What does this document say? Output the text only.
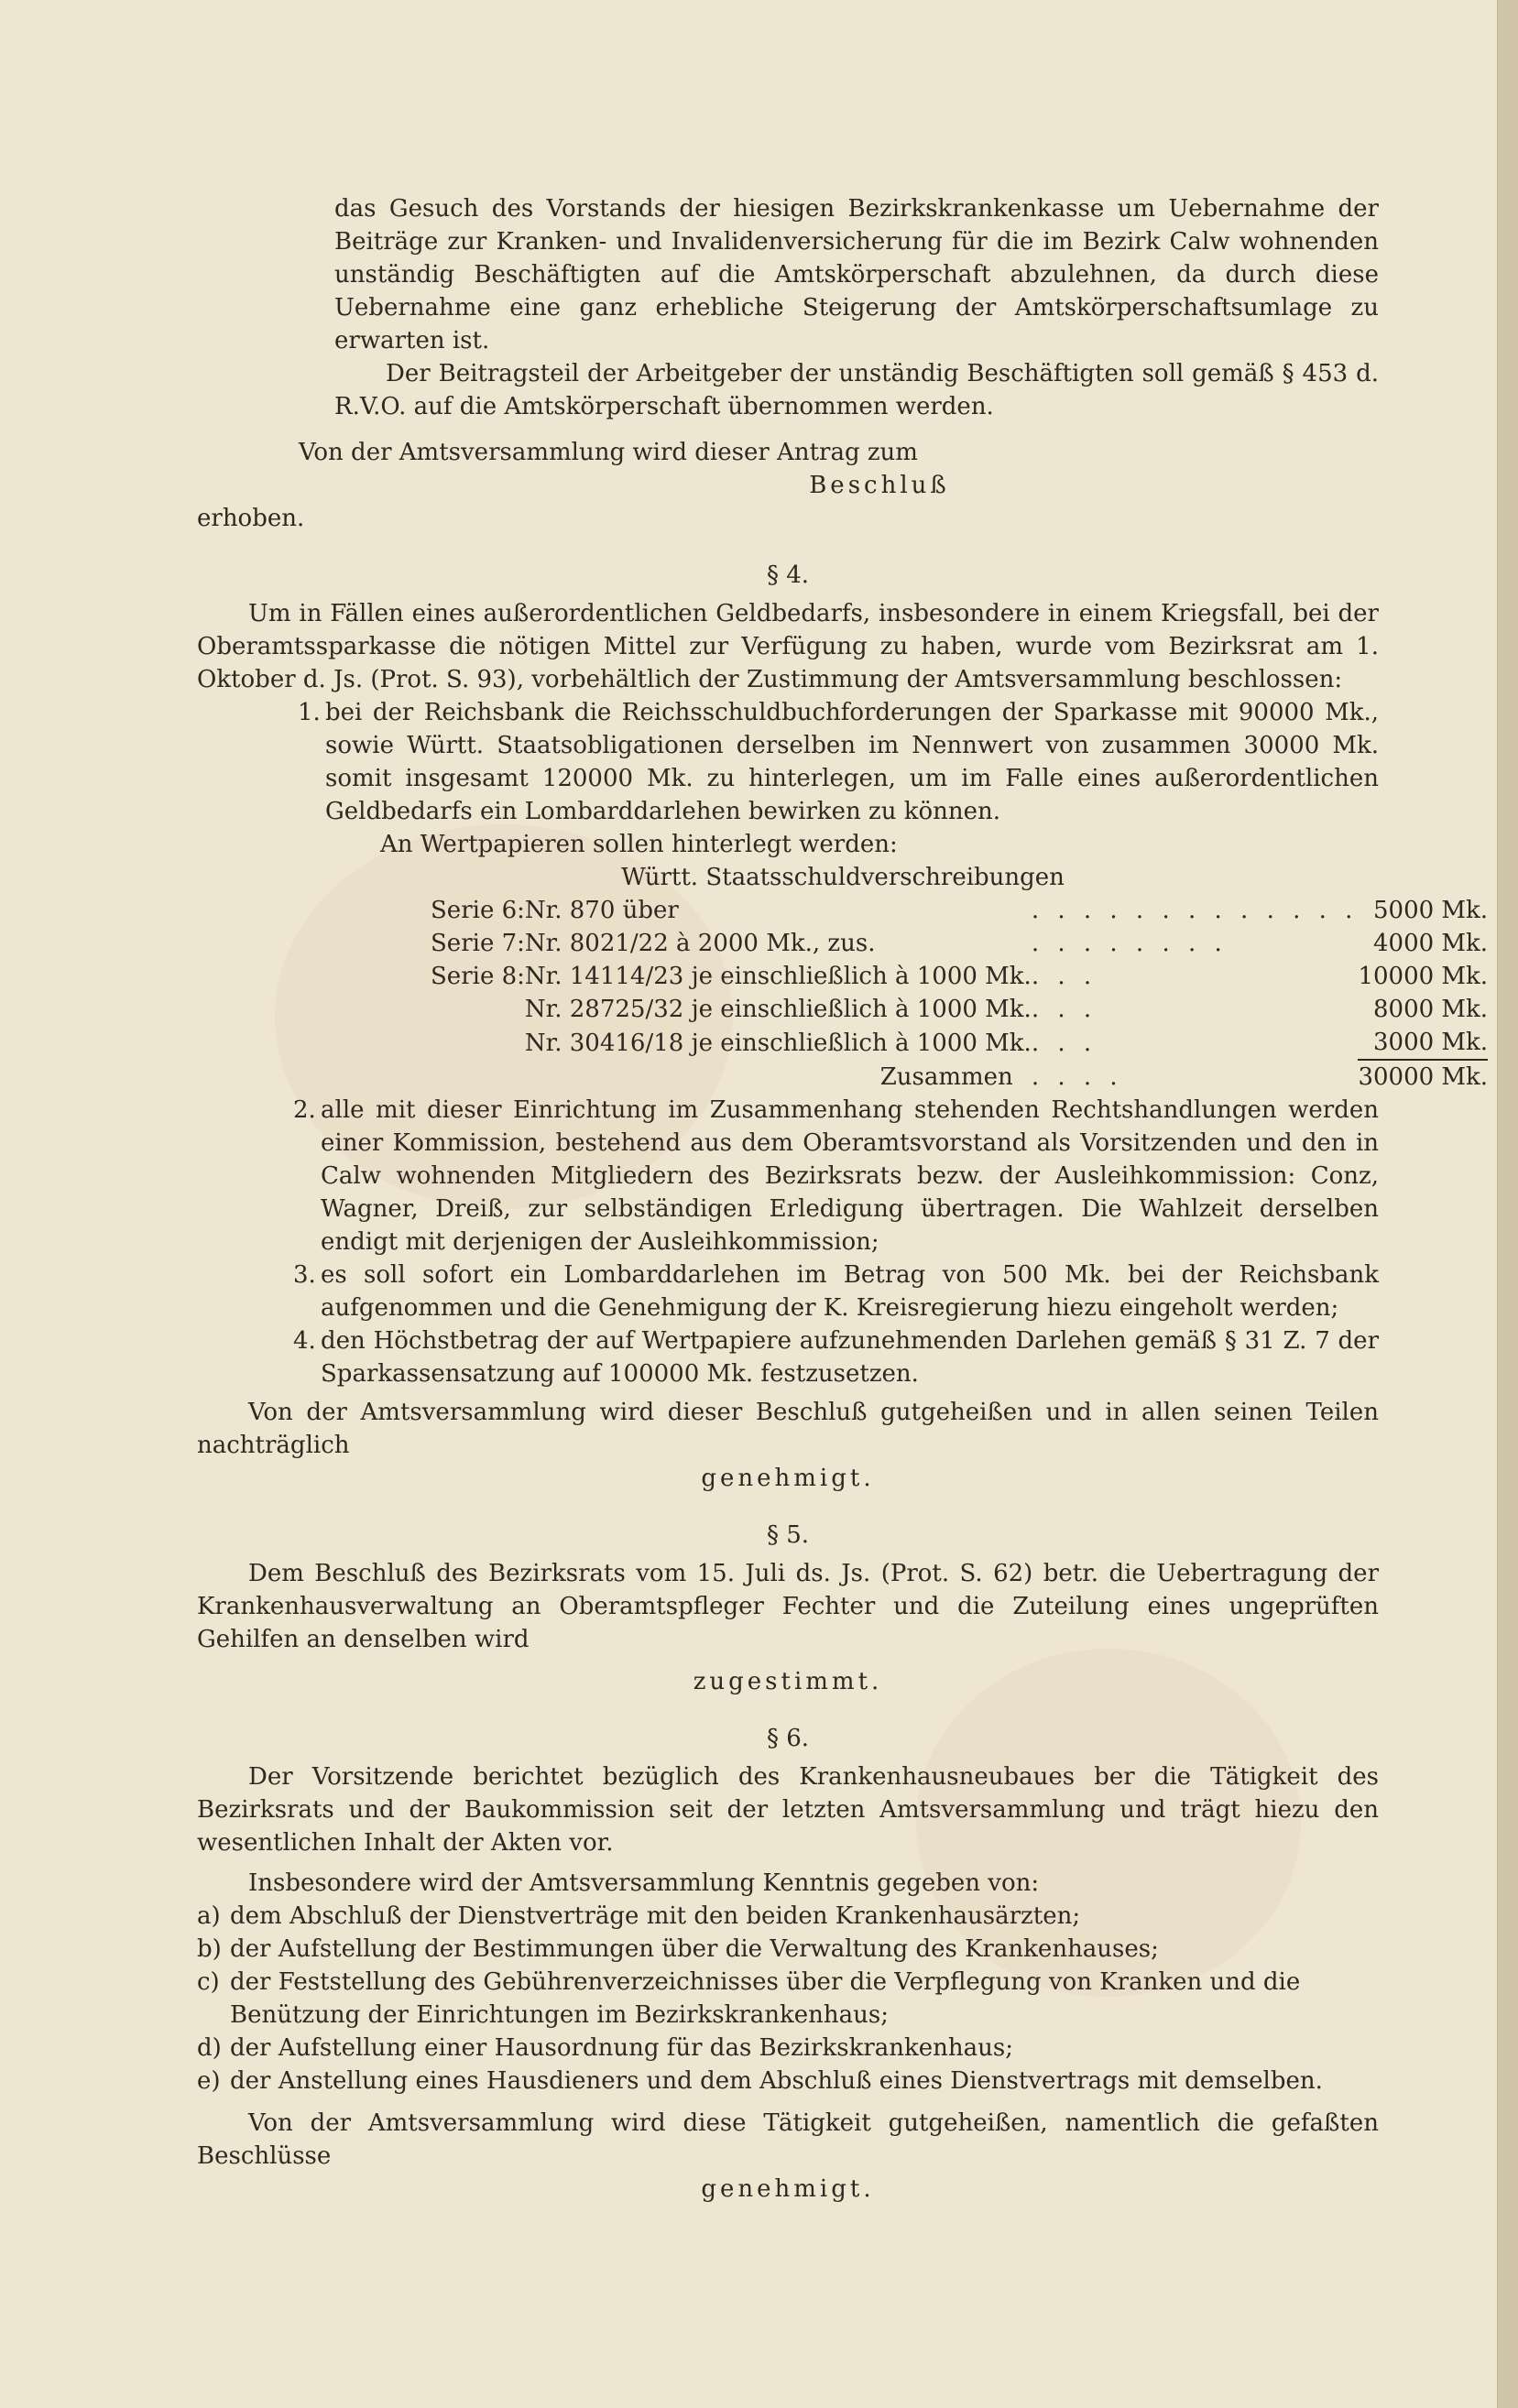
das Gesuch des Vorstands der hiesigen Bezirkskrankenkasse um Uebernahme der Beiträge zur Kranken- und Invalidenversicherung für die im Bezirk Calw wohnenden unständig Beschäftigten auf die Amtskörperschaft abzulehnen, da durch diese Uebernahme eine ganz erhebliche Steigerung der Amtskörperschaftsumlage zu erwarten ist.

Der Beitragsteil der Arbeitgeber der unständig Beschäftigten soll gemäß § 453 d. R.V.O. auf die Amtskörperschaft übernommen werden.

Von der Amtsversammlung wird dieser Antrag zum

Beschluß

erhoben.

§ 4.

Um in Fällen eines außerordentlichen Geldbedarfs, insbesondere in einem Kriegsfall, bei der Oberamtssparkasse die nötigen Mittel zur Verfügung zu haben, wurde vom Bezirksrat am 1. Oktober d. Js. (Prot. S. 93), vorbehältlich der Zustimmung der Amtsversammlung beschlossen:

1. bei der Reichsbank die Reichsschuldbuchforderungen der Sparkasse mit 90000 Mk., sowie Württ. Staatsobligationen derselben im Nennwert von zusammen 30000 Mk. somit insgesamt 120000 Mk. zu hinterlegen, um im Falle eines außerordentlichen Geldbedarfs ein Lombarddarlehen bewirken zu können.

An Wertpapieren sollen hinterlegt werden:

Württ. Staatsschuldverschreibungen

Serie 6:	Nr. 870 über	. . . . . . . . . . . . .	5000 Mk.
Serie 7:	Nr. 8021/22 à 2000 Mk., zus.	. . . . . . . .	4000 Mk.
Serie 8:	Nr. 14114/23 je einschließlich à 1000 Mk.	. . .	10000 Mk.
	Nr. 28725/32 je einschließlich à 1000 Mk.	. . .	8000 Mk.
	Nr. 30416/18 je einschließlich à 1000 Mk.	. . .	3000 Mk.
	Zusammen	. . . .	30000 Mk.
2. alle mit dieser Einrichtung im Zusammenhang stehenden Rechtshandlungen werden einer Kommission, bestehend aus dem Oberamtsvorstand als Vorsitzenden und den in Calw wohnenden Mitgliedern des Bezirksrats bezw. der Ausleihkommission: Conz, Wagner, Dreiß, zur selbständigen Erledigung übertragen. Die Wahlzeit derselben endigt mit derjenigen der Ausleihkommission;
3. es soll sofort ein Lombarddarlehen im Betrag von 500 Mk. bei der Reichsbank aufgenommen und die Genehmigung der K. Kreisregierung hiezu eingeholt werden;
4. den Höchstbetrag der auf Wertpapiere aufzunehmenden Darlehen gemäß § 31 Z. 7 der Sparkassensatzung auf 100000 Mk. festzusetzen.

Von der Amtsversammlung wird dieser Beschluß gutgeheißen und in allen seinen Teilen nachträglich

genehmigt.

§ 5.

Dem Beschluß des Bezirksrats vom 15. Juli ds. Js. (Prot. S. 62) betr. die Uebertragung der Krankenhausverwaltung an Oberamtspfleger Fechter und die Zuteilung eines ungeprüften Gehilfen an denselben wird

zugestimmt.

§ 6.

Der Vorsitzende berichtet bezüglich des Krankenhausneubaues ber die Tätigkeit des Bezirksrats und der Baukommission seit der letzten Amtsversammlung und trägt hiezu den wesentlichen Inhalt der Akten vor.

Insbesondere wird der Amtsversammlung Kenntnis gegeben von:

a) dem Abschluß der Dienstverträge mit den beiden Krankenhausärzten;
b) der Aufstellung der Bestimmungen über die Verwaltung des Krankenhauses;
c) der Feststellung des Gebührenverzeichnisses über die Verpflegung von Kranken und die Benützung der Einrichtungen im Bezirkskrankenhaus;
d) der Aufstellung einer Hausordnung für das Bezirkskrankenhaus;
e) der Anstellung eines Hausdieners und dem Abschluß eines Dienstvertrags mit demselben.

Von der Amtsversammlung wird diese Tätigkeit gutgeheißen, namentlich die gefaßten Beschlüsse

genehmigt.
